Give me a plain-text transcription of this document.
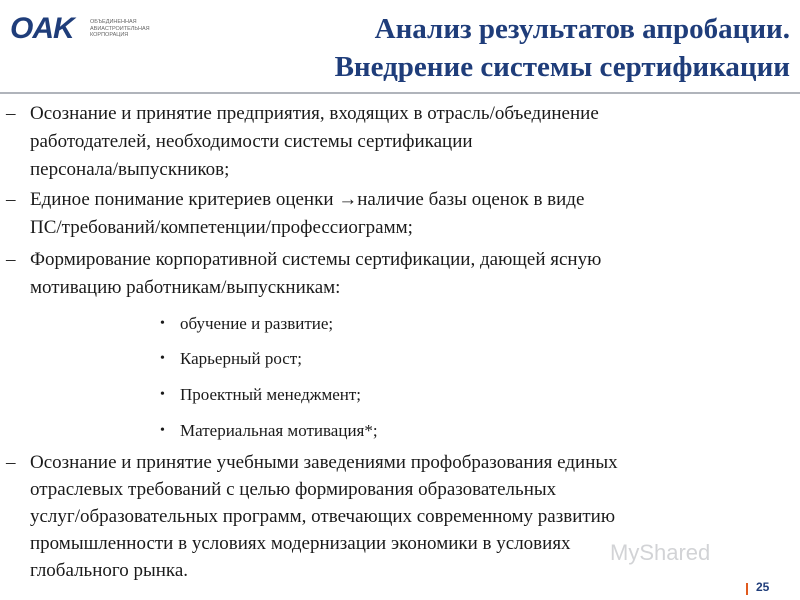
OAK	ОБЪЕДИНЕННАЯ АВИАСТРОИТЕЛЬНАЯ КОРПОРАЦИЯ	Анализ результатов апробации.
Внедрение системы сертификации
– Осознание и принятие предприятия, входящих в отрасль/объединение
работодателей, необходимости системы сертификации
персонала/выпускников;
– Единое понимание критериев оценки →наличие базы оценок в виде
ПС/требований/компетенции/профессиограмм;
– Формирование корпоративной системы сертификации, дающей ясную
мотивацию работникам/выпускникам:
• обучение и развитие;
• Карьерный рост;
• Проектный менеджмент;
• Материальная мотивация*;
– Осознание и принятие учебными заведениями профобразования единых
отраслевых требований с целью формирования образовательных
услуг/образовательных программ, отвечающих современному развитию
промышленности в условиях модернизации экономики в условиях
глобального рынка.
MyShared
25
